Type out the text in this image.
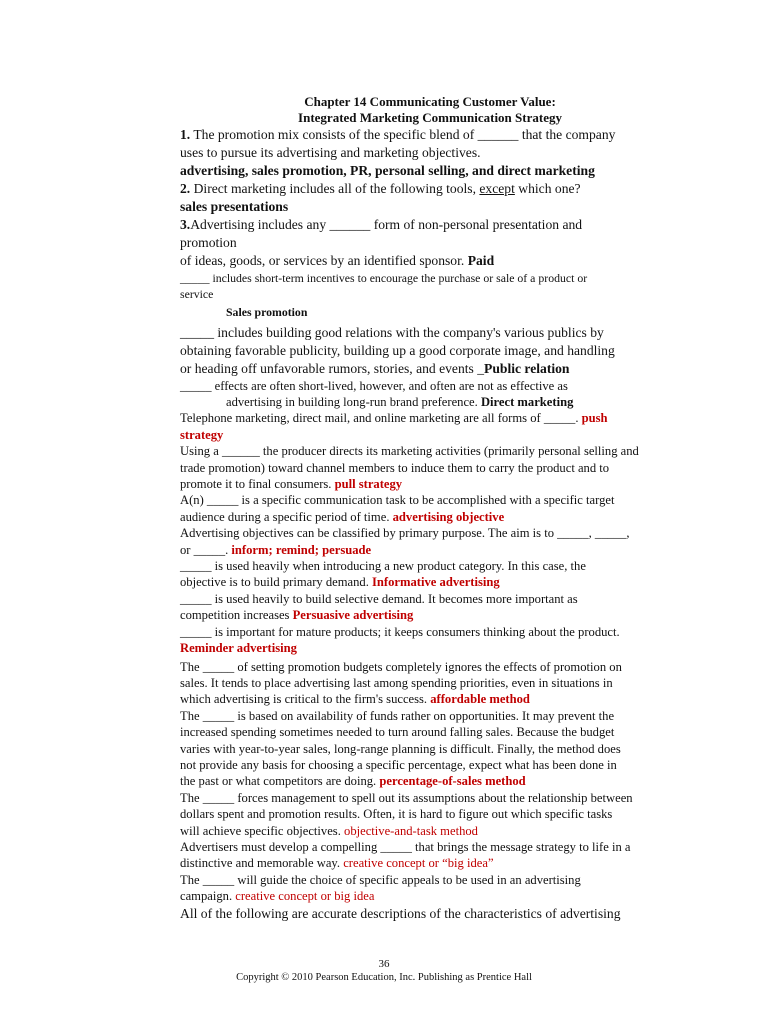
Chapter 14 Communicating Customer Value:
Integrated Marketing Communication Strategy
1. The promotion mix consists of the specific blend of ______ that the company
uses to pursue its advertising and marketing objectives.
advertising, sales promotion, PR, personal selling, and direct marketing
2. Direct marketing includes all of the following tools, except which one?
sales presentations
3.Advertising includes any ______ form of non-personal presentation and
promotion
of ideas, goods, or services by an identified sponsor. Paid
_____ includes short-term incentives to encourage the purchase or sale of a product or
service
Sales promotion
_____ includes building good relations with the company's various publics by
obtaining favorable publicity, building up a good corporate image, and handling
or heading off unfavorable rumors, stories, and events _Public relation
_____ effects are often short-lived, however, and often are not as effective as
advertising in building long-run brand preference. Direct marketing
Telephone marketing, direct mail, and online marketing are all forms of _____. push
strategy
Using a ______ the producer directs its marketing activities (primarily personal selling and
trade promotion) toward channel members to induce them to carry the product and to
promote it to final consumers. pull strategy
A(n) _____ is a specific communication task to be accomplished with a specific target
audience during a specific period of time. advertising objective
Advertising objectives can be classified by primary purpose. The aim is to _____, _____,
or _____. inform; remind; persuade
_____ is used heavily when introducing a new product category. In this case, the
objective is to build primary demand. Informative advertising
_____ is used heavily to build selective demand. It becomes more important as
competition increases Persuasive advertising
_____ is important for mature products; it keeps consumers thinking about the product.
Reminder advertising
The _____ of setting promotion budgets completely ignores the effects of promotion on
sales. It tends to place advertising last among spending priorities, even in situations in
which advertising is critical to the firm's success. affordable method
The _____ is based on availability of funds rather on opportunities. It may prevent the
increased spending sometimes needed to turn around falling sales. Because the budget
varies with year-to-year sales, long-range planning is difficult. Finally, the method does
not provide any basis for choosing a specific percentage, expect what has been done in
the past or what competitors are doing. percentage-of-sales method
The _____ forces management to spell out its assumptions about the relationship between
dollars spent and promotion results. Often, it is hard to figure out which specific tasks
will achieve specific objectives. objective-and-task method
Advertisers must develop a compelling _____ that brings the message strategy to life in a
distinctive and memorable way. creative concept or “big idea”
The _____ will guide the choice of specific appeals to be used in an advertising
campaign. creative concept or big idea
All of the following are accurate descriptions of the characteristics of advertising
36
Copyright © 2010 Pearson Education, Inc. Publishing as Prentice Hall
